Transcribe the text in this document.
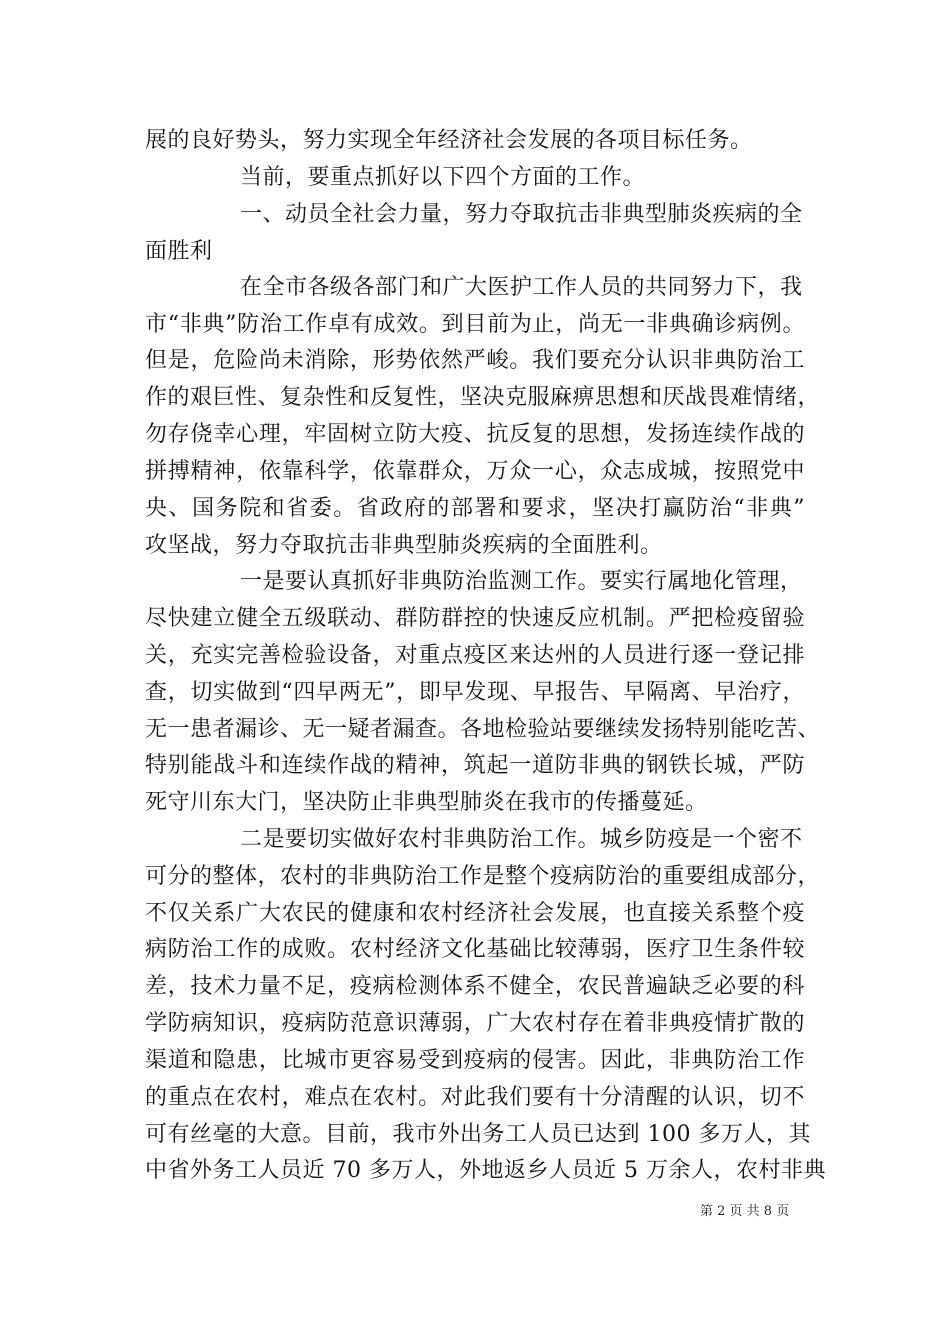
展的良好势头，努力实现全年经济社会发展的各项目标任务。
当前，要重点抓好以下四个方面的工作。
一、动员全社会力量，努力夺取抗击非典型肺炎疾病的全
面胜利
在全市各级各部门和广大医护工作人员的共同努力下，我
市“非典”防治工作卓有成效。到目前为止，尚无一非典确诊病例。
但是，危险尚未消除，形势依然严峻。我们要充分认识非典防治工
作的艰巨性、复杂性和反复性，坚决克服麻痹思想和厌战畏难情绪，
勿存侥幸心理，牢固树立防大疫、抗反复的思想，发扬连续作战的
拼搏精神，依靠科学，依靠群众，万众一心，众志成城，按照党中
央、国务院和省委。省政府的部署和要求，坚决打赢防治“非典”
攻坚战，努力夺取抗击非典型肺炎疾病的全面胜利。
一是要认真抓好非典防治监测工作。要实行属地化管理，
尽快建立健全五级联动、群防群控的快速反应机制。严把检疫留验
关，充实完善检验设备，对重点疫区来达州的人员进行逐一登记排
查，切实做到“四早两无”，即早发现、早报告、早隔离、早治疗，
无一患者漏诊、无一疑者漏查。各地检验站要继续发扬特别能吃苦、
特别能战斗和连续作战的精神，筑起一道防非典的钢铁长城，严防
死守川东大门，坚决防止非典型肺炎在我市的传播蔓延。
二是要切实做好农村非典防治工作。城乡防疫是一个密不
可分的整体，农村的非典防治工作是整个疫病防治的重要组成部分，
不仅关系广大农民的健康和农村经济社会发展，也直接关系整个疫
病防治工作的成败。农村经济文化基础比较薄弱，医疗卫生条件较
差，技术力量不足，疫病检测体系不健全，农民普遍缺乏必要的科
学防病知识，疫病防范意识薄弱，广大农村存在着非典疫情扩散的
渠道和隐患，比城市更容易受到疫病的侵害。因此，非典防治工作
的重点在农村，难点在农村。对此我们要有十分清醒的认识，切不
可有丝毫的大意。目前，我市外出务工人员已达到 100 多万人，其
中省外务工人员近 70 多万人，外地返乡人员近 5 万余人，农村非典
第 2 页 共 8 页
